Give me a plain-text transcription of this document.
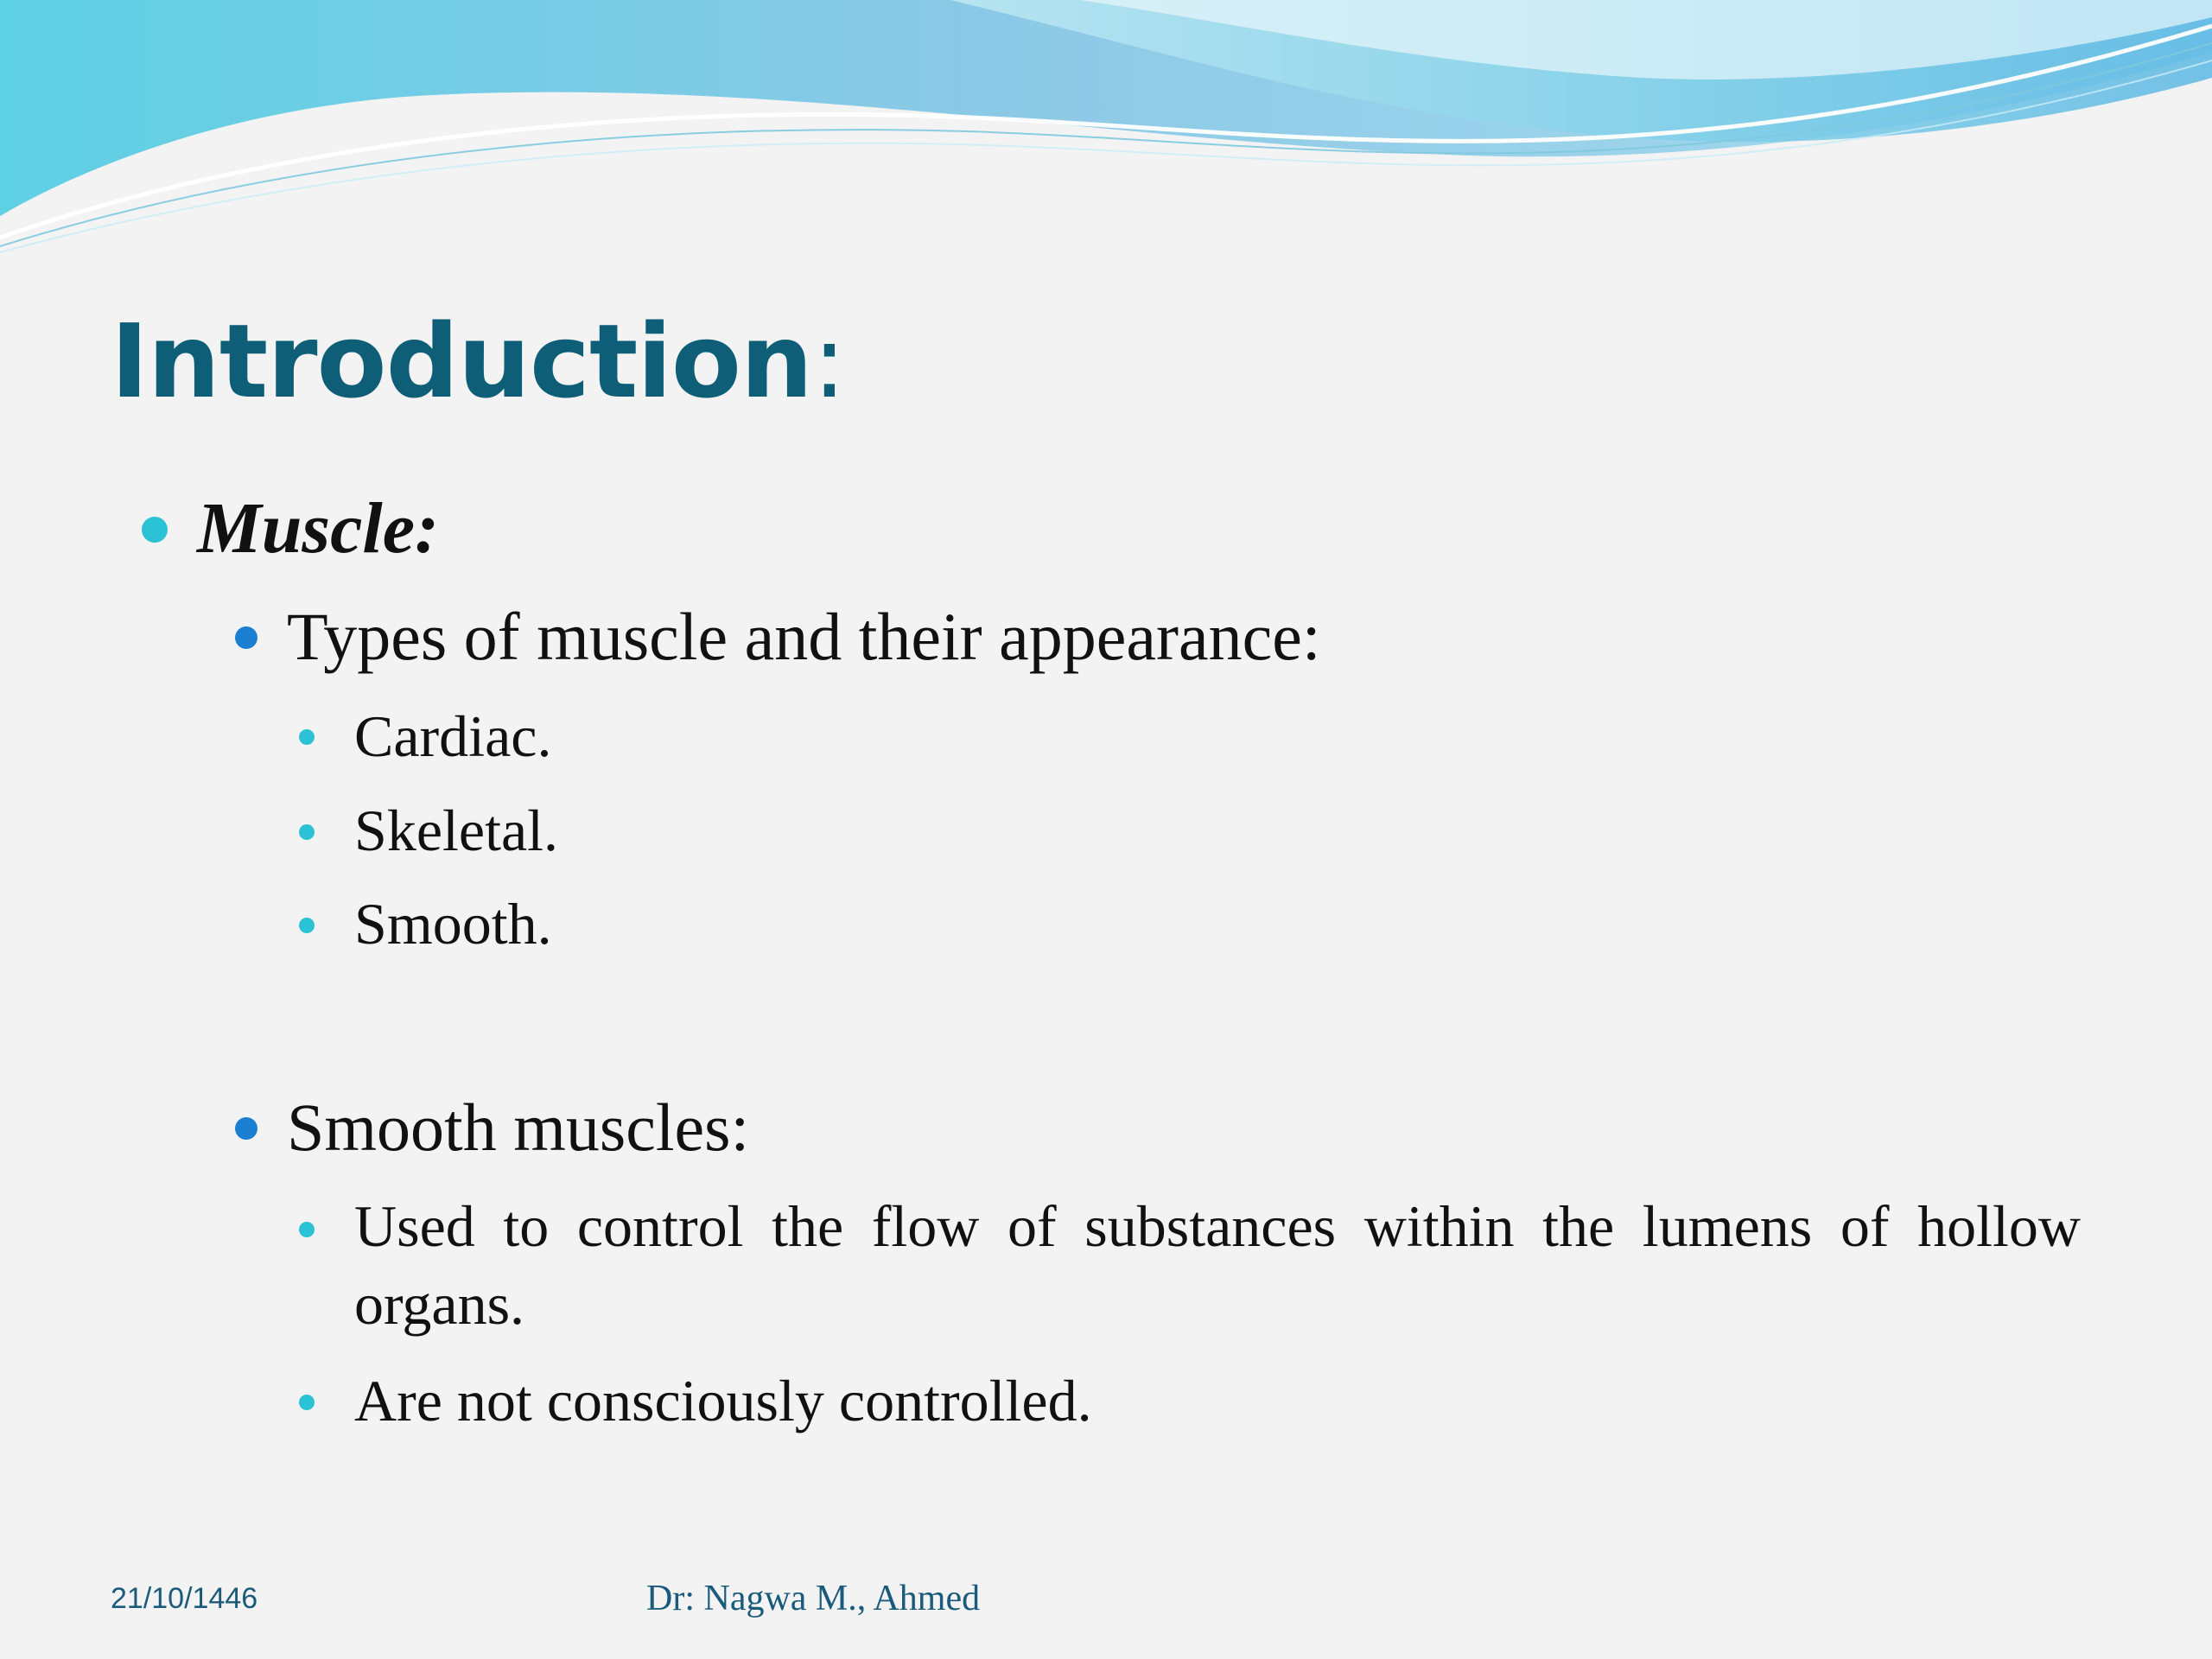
Introduction:
Muscle:
Types of muscle and their appearance:
Cardiac.
Skeletal.
Smooth.
Smooth muscles:
Used to control the flow of substances within the lumens of hollow organs.
Are not consciously controlled.
21/10/1446	Dr: Nagwa M., Ahmed
